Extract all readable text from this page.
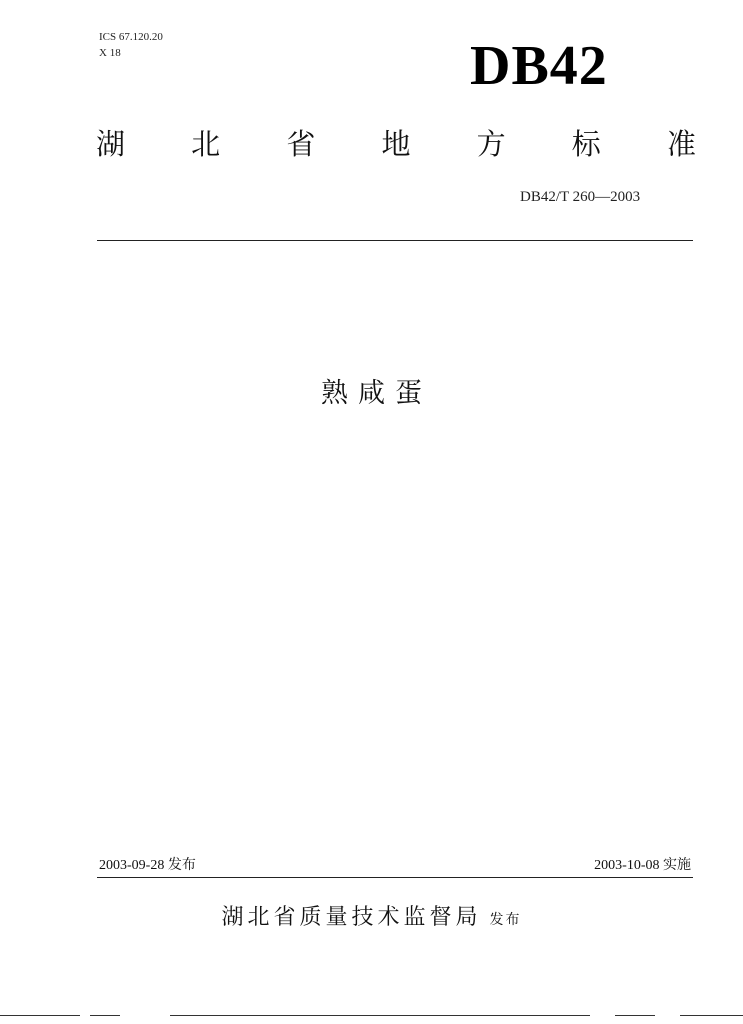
ICS 67.120.20
X 18	DB42
湖 北 省 地 方 标 准
DB42/T 260—2003
熟咸蛋
2003-09-28 发布	2003-10-08 实施
湖北省质量技术监督局 发布
